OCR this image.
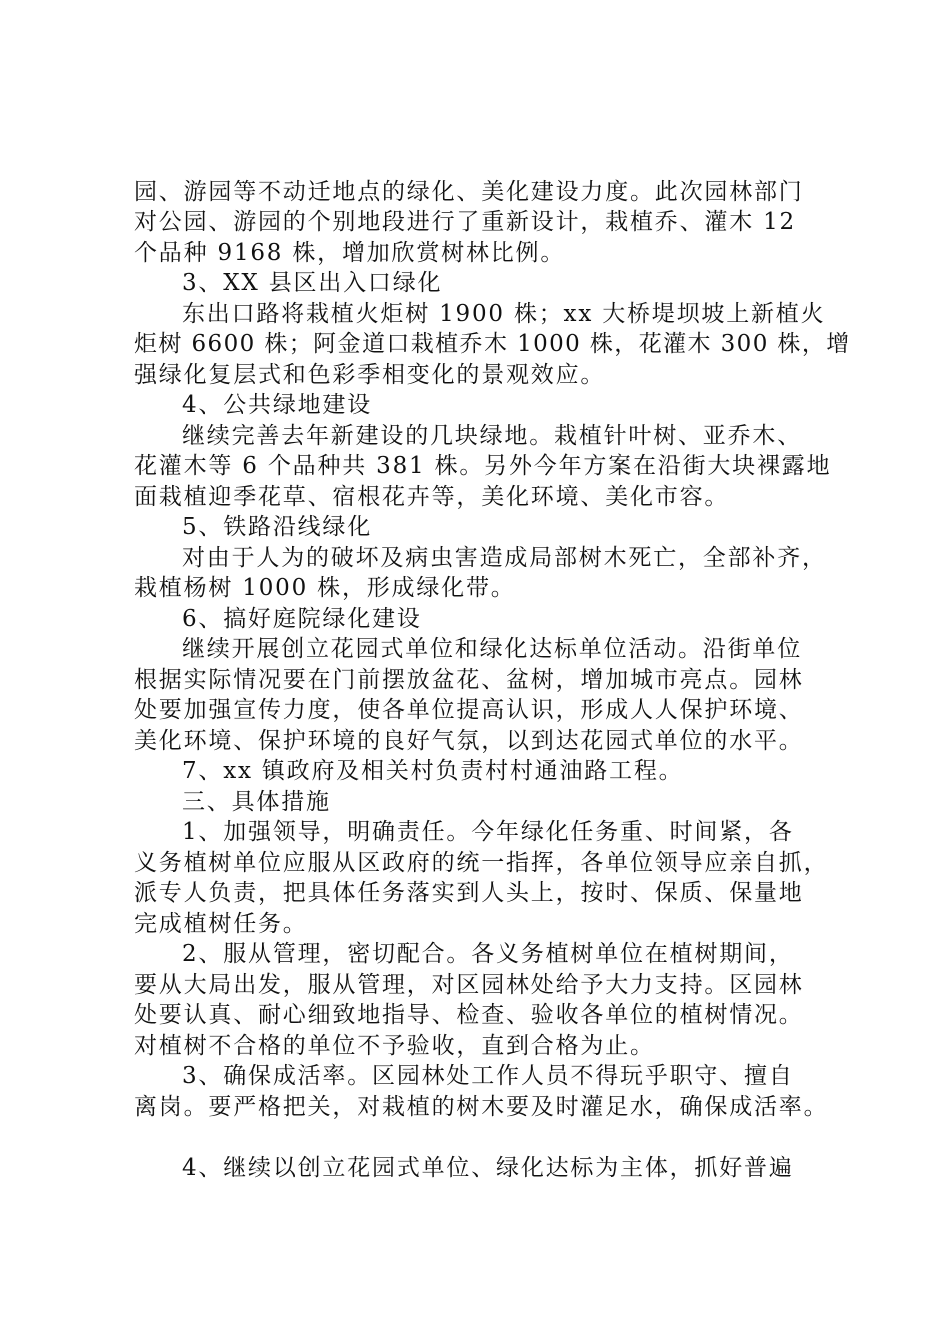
园、游园等不动迁地点的绿化、美化建设力度。此次园林部门
对公园、游园的个别地段进行了重新设计，栽植乔、灌木 12
个品种 9168 株，增加欣赏树林比例。
3、XX 县区出入口绿化
东出口路将栽植火炬树 1900 株；xx 大桥堤坝坡上新植火
炬树 6600 株；阿金道口栽植乔木 1000 株，花灌木 300 株，增
强绿化复层式和色彩季相变化的景观效应。
4、公共绿地建设
继续完善去年新建设的几块绿地。栽植针叶树、亚乔木、
花灌木等 6 个品种共 381 株。另外今年方案在沿街大块裸露地
面栽植迎季花草、宿根花卉等，美化环境、美化市容。
5、铁路沿线绿化
对由于人为的破坏及病虫害造成局部树木死亡，全部补齐，
栽植杨树 1000 株，形成绿化带。
6、搞好庭院绿化建设
继续开展创立花园式单位和绿化达标单位活动。沿街单位
根据实际情况要在门前摆放盆花、盆树，增加城市亮点。园林
处要加强宣传力度，使各单位提高认识，形成人人保护环境、
美化环境、保护环境的良好气氛，以到达花园式单位的水平。
7、xx 镇政府及相关村负责村村通油路工程。
三、具体措施
1、加强领导，明确责任。今年绿化任务重、时间紧，各
义务植树单位应服从区政府的统一指挥，各单位领导应亲自抓，
派专人负责，把具体任务落实到人头上，按时、保质、保量地
完成植树任务。
2、服从管理，密切配合。各义务植树单位在植树期间，
要从大局出发，服从管理，对区园林处给予大力支持。区园林
处要认真、耐心细致地指导、检查、验收各单位的植树情况。
对植树不合格的单位不予验收，直到合格为止。
3、确保成活率。区园林处工作人员不得玩乎职守、擅自
离岗。要严格把关，对栽植的树木要及时灌足水，确保成活率。
4、继续以创立花园式单位、绿化达标为主体，抓好普遍
